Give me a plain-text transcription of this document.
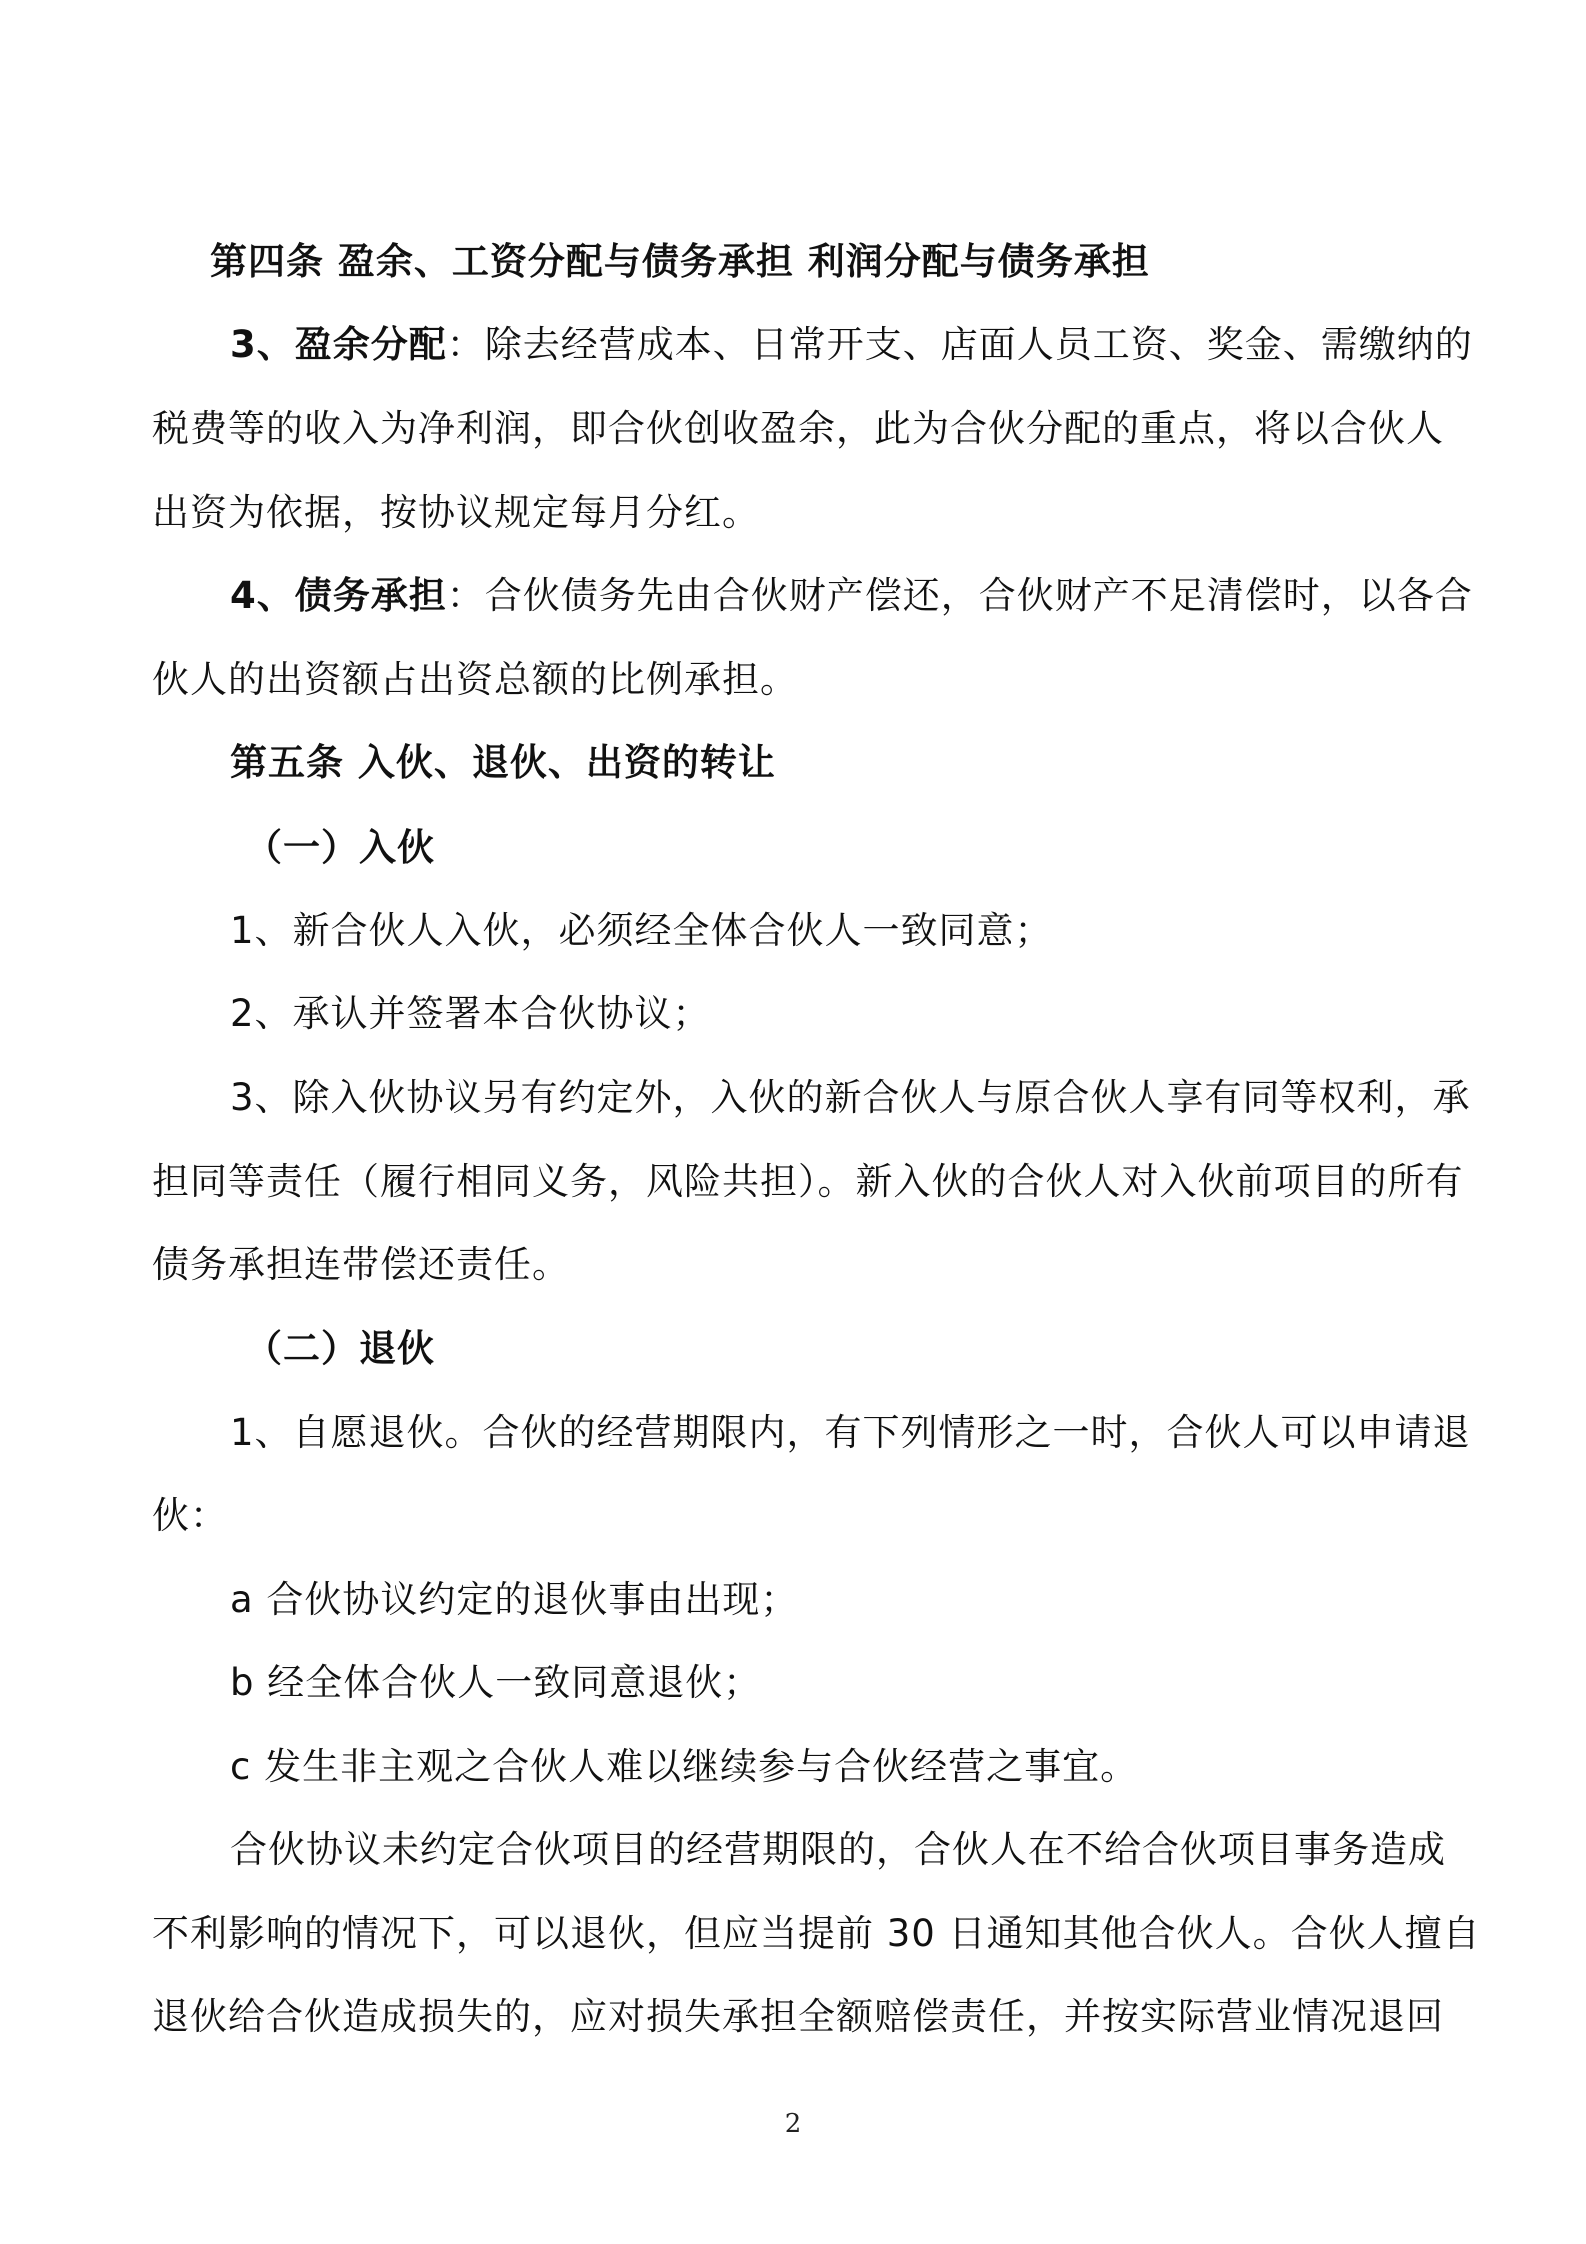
第四条 盈余、工资分配与债务承担 利润分配与债务承担
3、盈余分配：除去经营成本、日常开支、店面人员工资、奖金、需缴纳的
税费等的收入为净利润，即合伙创收盈余，此为合伙分配的重点，将以合伙人
出资为依据，按协议规定每月分红。
4、债务承担：合伙债务先由合伙财产偿还，合伙财产不足清偿时，以各合
伙人的出资额占出资总额的比例承担。
第五条 入伙、退伙、出资的转让
（一）入伙
1、新合伙人入伙，必须经全体合伙人一致同意；
2、承认并签署本合伙协议；
3、除入伙协议另有约定外，入伙的新合伙人与原合伙人享有同等权利，承
担同等责任（履行相同义务，风险共担）。新入伙的合伙人对入伙前项目的所有
债务承担连带偿还责任。
（二）退伙
1、自愿退伙。合伙的经营期限内，有下列情形之一时，合伙人可以申请退
伙：
a 合伙协议约定的退伙事由出现；
b 经全体合伙人一致同意退伙；
c 发生非主观之合伙人难以继续参与合伙经营之事宜。
合伙协议未约定合伙项目的经营期限的，合伙人在不给合伙项目事务造成
不利影响的情况下，可以退伙，但应当提前 30 日通知其他合伙人。合伙人擅自
退伙给合伙造成损失的，应对损失承担全额赔偿责任，并按实际营业情况退回
2
